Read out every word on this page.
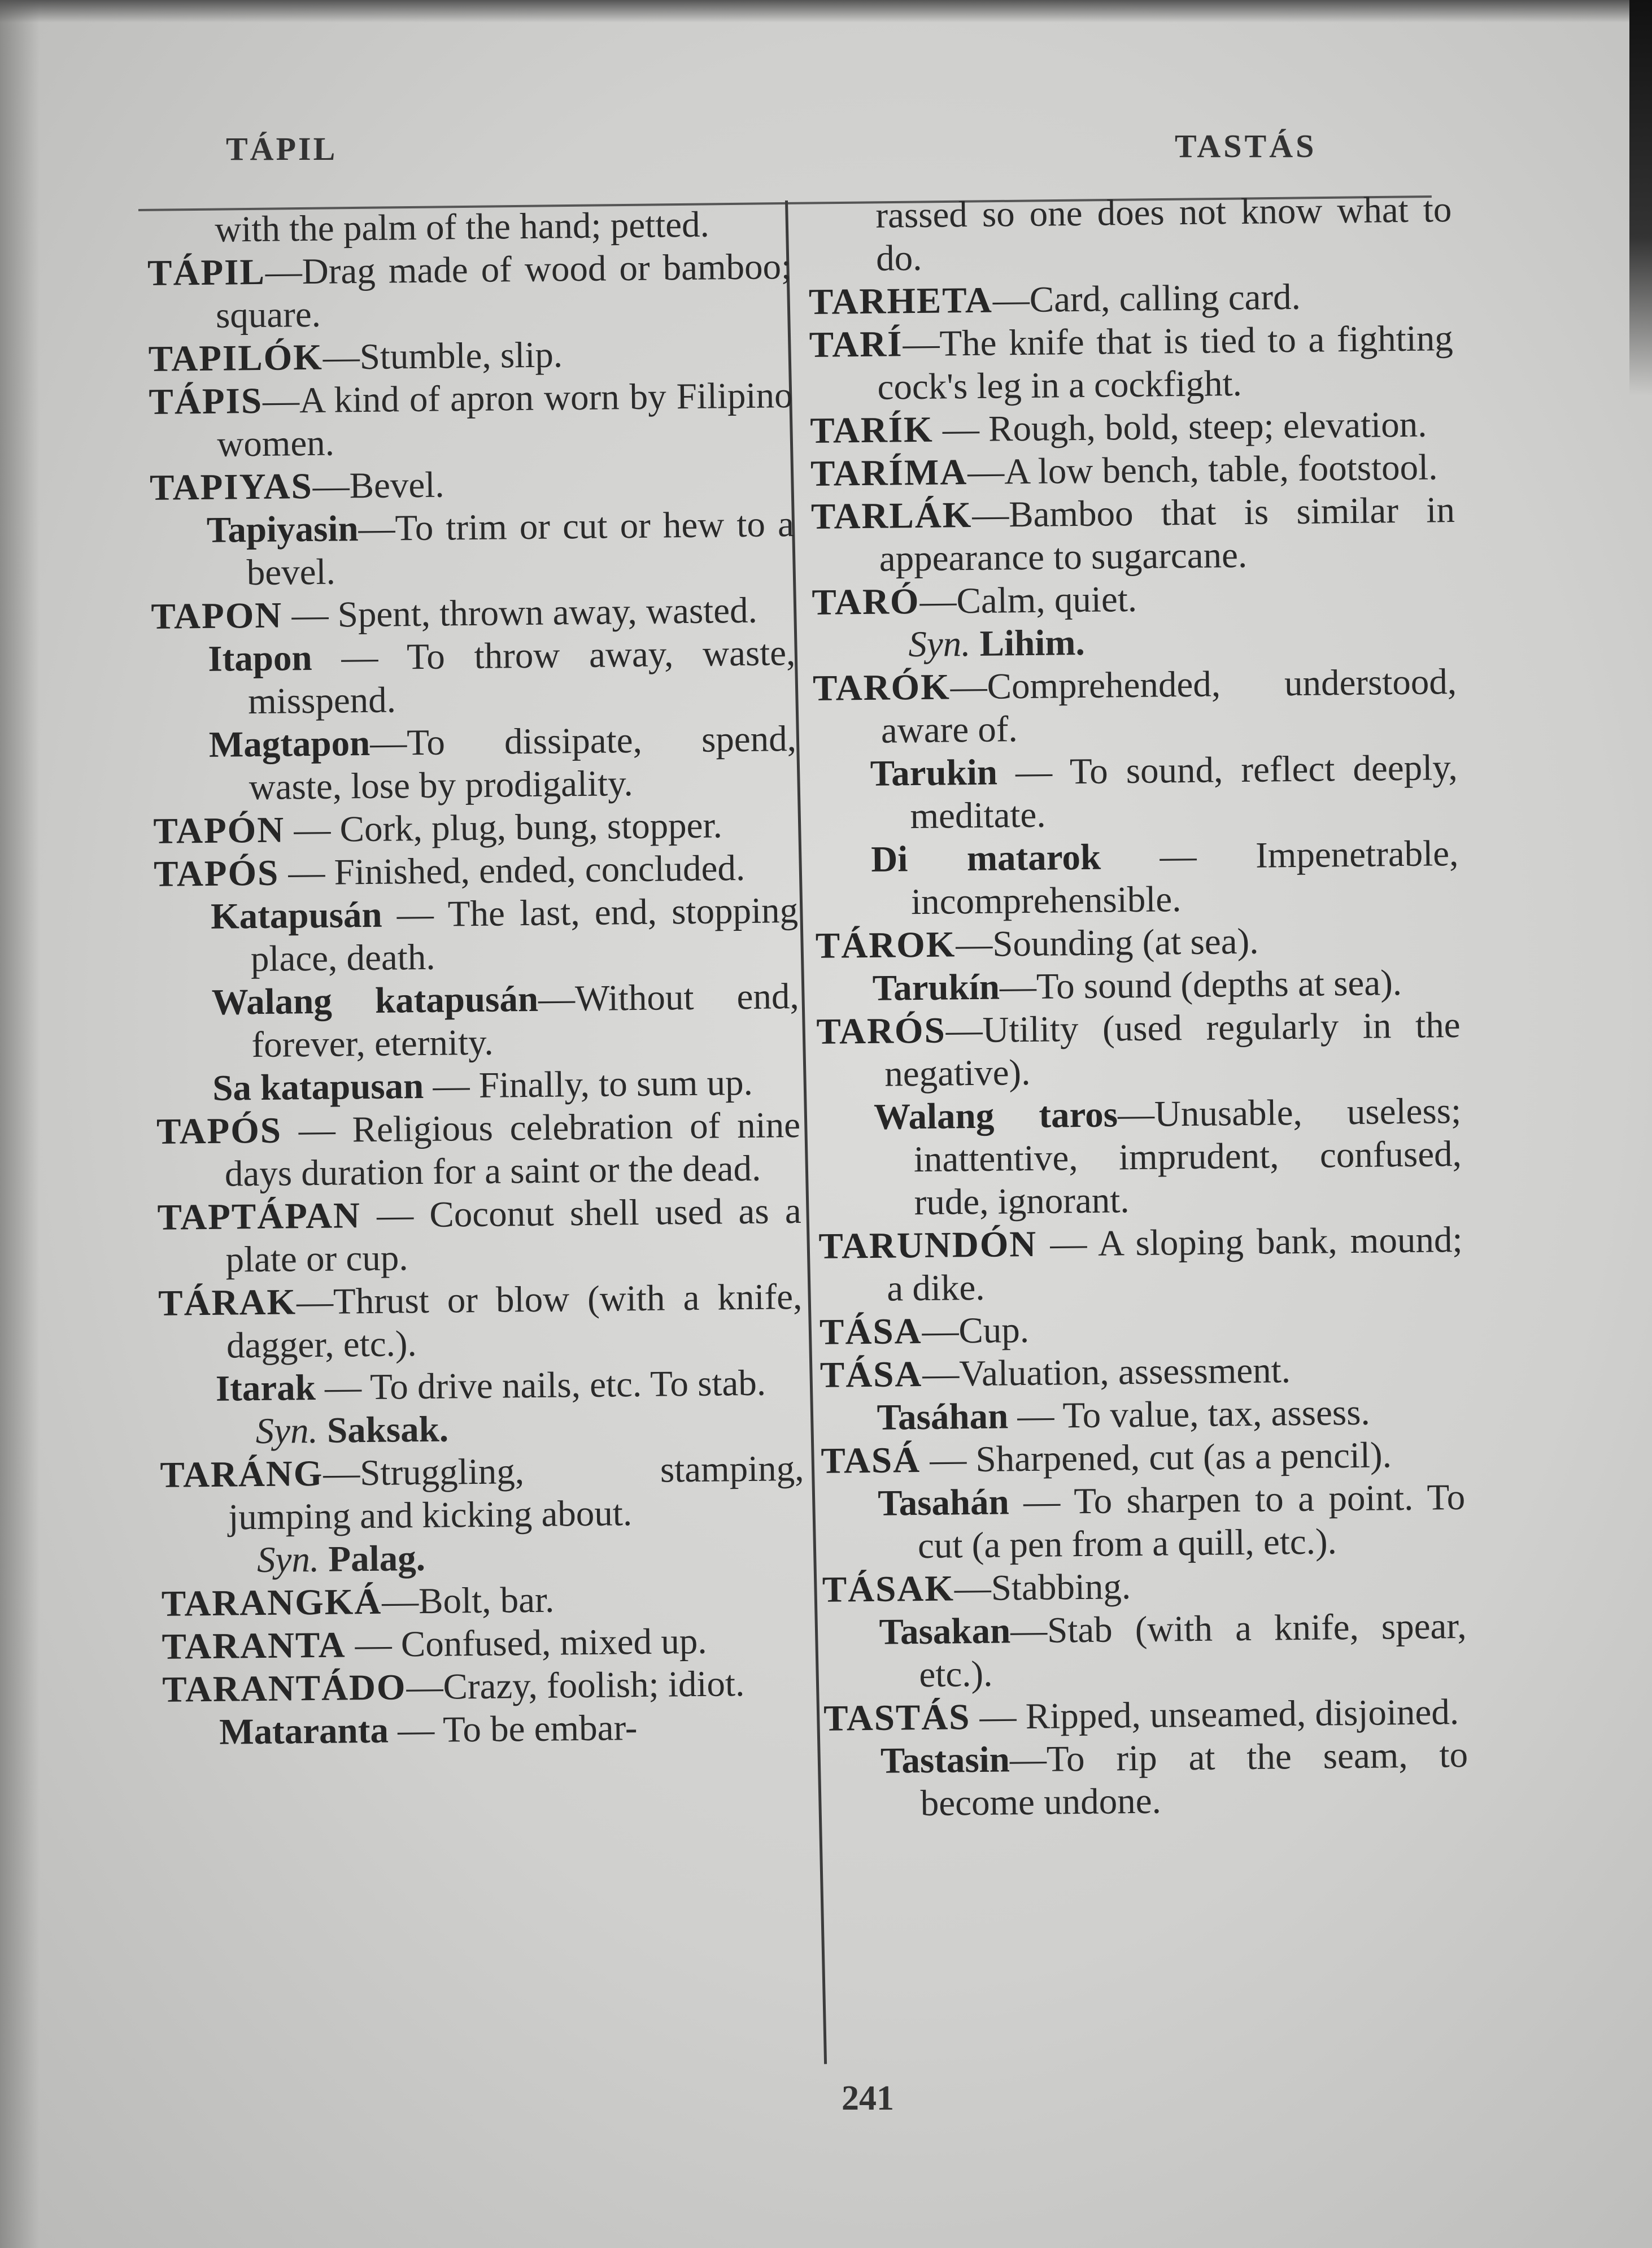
TÁPIL	TASTÁS

with the palm of the hand; petted.

TÁPIL—Drag made of wood or bamboo; square.

TAPILÓK—Stumble, slip.

TÁPIS—A kind of apron worn by Filipino women.

TAPIYAS—Bevel.

Tapiyasin—To trim or cut or hew to a bevel.

TAPON — Spent, thrown away, wasted.

Itapon — To throw away, waste, misspend.

Magtapon—To dissipate, spend, waste, lose by prodigality.

TAPÓN — Cork, plug, bung, stopper.

TAPÓS — Finished, ended, concluded.

Katapusán — The last, end, stopping place, death.

Walang katapusán—Without end, forever, eternity.

Sa katapusan — Finally, to sum up.

TAPÓS — Religious celebration of nine days duration for a saint or the dead.

TAPTÁPAN — Coconut shell used as a plate or cup.

TÁRAK—Thrust or blow (with a knife, dagger, etc.).

Itarak — To drive nails, etc. To stab.

Syn. Saksak.

TARÁNG—Struggling, stamping, jumping and kicking about.

Syn. Palag.

TARANGKÁ—Bolt, bar.

TARANTA — Confused, mixed up.

TARANTÁDO—Crazy, foolish; idiot.

Mataranta — To be embar-

rassed so one does not know what to do.

TARHETA—Card, calling card.

TARÍ—The knife that is tied to a fighting cock's leg in a cockfight.

TARÍK — Rough, bold, steep; elevation.

TARÍMA—A low bench, table, footstool.

TARLÁK—Bamboo that is similar in appearance to sugarcane.

TARÓ—Calm, quiet.

Syn. Lihim.

TARÓK—Comprehended, understood, aware of.

Tarukin — To sound, reflect deeply, meditate.

Di matarok — Impenetrable, incomprehensible.

TÁROK—Sounding (at sea).

Tarukín—To sound (depths at sea).

TARÓS—Utility (used regularly in the negative).

Walang taros—Unusable, useless; inattentive, imprudent, confused, rude, ignorant.

TARUNDÓN — A sloping bank, mound; a dike.

TÁSA—Cup.

TÁSA—Valuation, assessment.

Tasáhan — To value, tax, assess.

TASÁ — Sharpened, cut (as a pencil).

Tasahán — To sharpen to a point. To cut (a pen from a quill, etc.).

TÁSAK—Stabbing.

Tasakan—Stab (with a knife, spear, etc.).

TASTÁS — Ripped, unseamed, disjoined.

Tastasin—To rip at the seam, to become undone.

241
